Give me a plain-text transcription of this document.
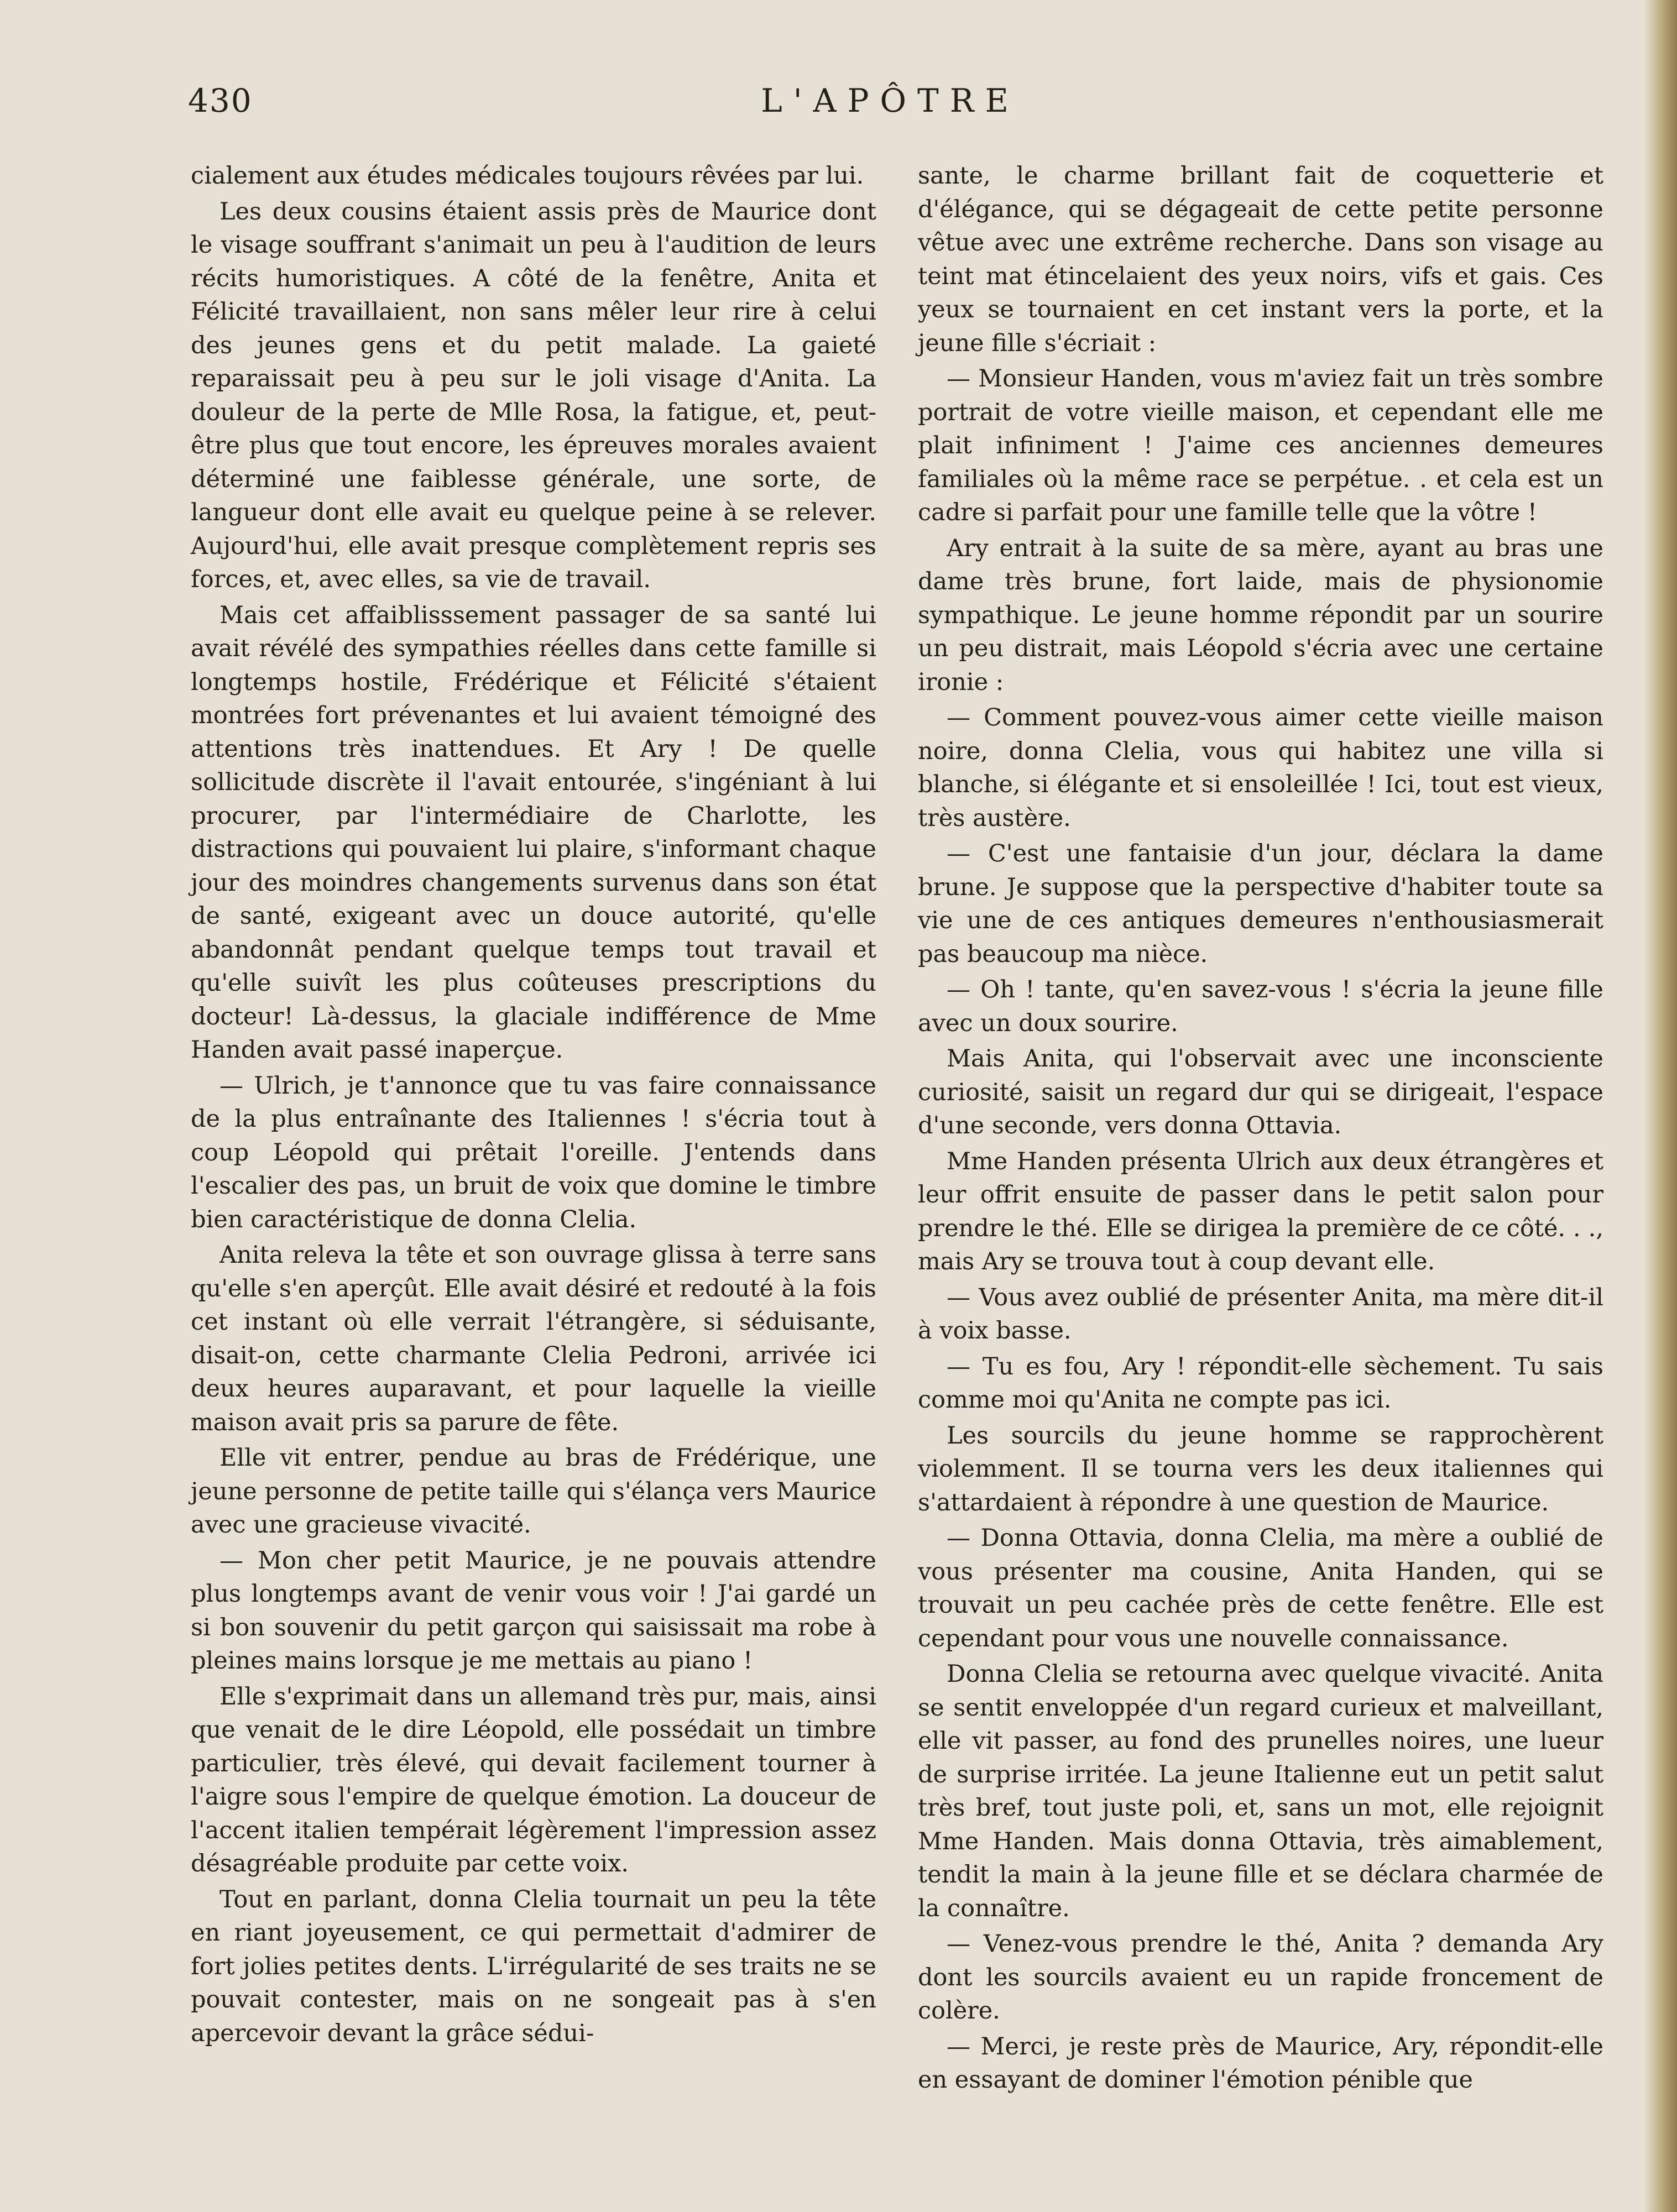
430	L'APÔTRE

cialement aux études médicales toujours rêvées par lui.

Les deux cousins étaient assis près de Maurice dont le visage souffrant s'animait un peu à l'audition de leurs récits humoristiques. A côté de la fenêtre, Anita et Félicité travaillaient, non sans mêler leur rire à celui des jeunes gens et du petit malade. La gaieté reparaissait peu à peu sur le joli visage d'Anita. La douleur de la perte de Mlle Rosa, la fatigue, et, peut-être plus que tout encore, les épreuves morales avaient déterminé une faiblesse générale, une sorte, de langueur dont elle avait eu quelque peine à se relever. Aujourd'hui, elle avait presque complètement repris ses forces, et, avec elles, sa vie de travail.

Mais cet affaiblisssement passager de sa santé lui avait révélé des sympathies réelles dans cette famille si longtemps hostile, Frédérique et Félicité s'étaient montrées fort prévenantes et lui avaient témoigné des attentions très inattendues. Et Ary ! De quelle sollicitude discrète il l'avait entourée, s'ingéniant à lui procurer, par l'intermédiaire de Charlotte, les distractions qui pouvaient lui plaire, s'informant chaque jour des moindres changements survenus dans son état de santé, exigeant avec un douce autorité, qu'elle abandonnât pendant quelque temps tout travail et qu'elle suivît les plus coûteuses prescriptions du docteur! Là-dessus, la glaciale indifférence de Mme Handen avait passé inaperçue.

— Ulrich, je t'annonce que tu vas faire connaissance de la plus entraînante des Italiennes ! s'écria tout à coup Léopold qui prêtait l'oreille. J'entends dans l'escalier des pas, un bruit de voix que domine le timbre bien caractéristique de donna Clelia.

Anita releva la tête et son ouvrage glissa à terre sans qu'elle s'en aperçût. Elle avait désiré et redouté à la fois cet instant où elle verrait l'étrangère, si séduisante, disait-on, cette charmante Clelia Pedroni, arrivée ici deux heures auparavant, et pour laquelle la vieille maison avait pris sa parure de fête.

Elle vit entrer, pendue au bras de Frédérique, une jeune personne de petite taille qui s'élança vers Maurice avec une gracieuse vivacité.

— Mon cher petit Maurice, je ne pouvais attendre plus longtemps avant de venir vous voir ! J'ai gardé un si bon souvenir du petit garçon qui saisissait ma robe à pleines mains lorsque je me mettais au piano !

Elle s'exprimait dans un allemand très pur, mais, ainsi que venait de le dire Léopold, elle possédait un timbre particulier, très élevé, qui devait facilement tourner à l'aigre sous l'empire de quelque émotion. La douceur de l'accent italien tempérait légèrement l'impression assez désagréable produite par cette voix.

Tout en parlant, donna Clelia tournait un peu la tête en riant joyeusement, ce qui permettait d'admirer de fort jolies petites dents. L'irrégularité de ses traits ne se pouvait contester, mais on ne songeait pas à s'en apercevoir devant la grâce sédui-

sante, le charme brillant fait de coquetterie et d'élégance, qui se dégageait de cette petite personne vêtue avec une extrême recherche. Dans son visage au teint mat étincelaient des yeux noirs, vifs et gais. Ces yeux se tournaient en cet instant vers la porte, et la jeune fille s'écriait :

— Monsieur Handen, vous m'aviez fait un très sombre portrait de votre vieille maison, et cependant elle me plait infiniment ! J'aime ces anciennes demeures familiales où la même race se perpétue. . et cela est un cadre si parfait pour une famille telle que la vôtre !

Ary entrait à la suite de sa mère, ayant au bras une dame très brune, fort laide, mais de physionomie sympathique. Le jeune homme répondit par un sourire un peu distrait, mais Léopold s'écria avec une certaine ironie :

— Comment pouvez-vous aimer cette vieille maison noire, donna Clelia, vous qui habitez une villa si blanche, si élégante et si ensoleillée ! Ici, tout est vieux, très austère.

— C'est une fantaisie d'un jour, déclara la dame brune. Je suppose que la perspective d'habiter toute sa vie une de ces antiques demeures n'enthousiasmerait pas beaucoup ma nièce.

— Oh ! tante, qu'en savez-vous ! s'écria la jeune fille avec un doux sourire.

Mais Anita, qui l'observait avec une inconsciente curiosité, saisit un regard dur qui se dirigeait, l'espace d'une seconde, vers donna Ottavia.

Mme Handen présenta Ulrich aux deux étrangères et leur offrit ensuite de passer dans le petit salon pour prendre le thé. Elle se dirigea la première de ce côté. . ., mais Ary se trouva tout à coup devant elle.

— Vous avez oublié de présenter Anita, ma mère dit-il à voix basse.

— Tu es fou, Ary ! répondit-elle sèchement. Tu sais comme moi qu'Anita ne compte pas ici.

Les sourcils du jeune homme se rapprochèrent violemment. Il se tourna vers les deux italiennes qui s'attardaient à répondre à une question de Maurice.

— Donna Ottavia, donna Clelia, ma mère a oublié de vous présenter ma cousine, Anita Handen, qui se trouvait un peu cachée près de cette fenêtre. Elle est cependant pour vous une nouvelle connaissance.

Donna Clelia se retourna avec quelque vivacité. Anita se sentit enveloppée d'un regard curieux et malveillant, elle vit passer, au fond des prunelles noires, une lueur de surprise irritée. La jeune Italienne eut un petit salut très bref, tout juste poli, et, sans un mot, elle rejoignit Mme Handen. Mais donna Ottavia, très aimablement, tendit la main à la jeune fille et se déclara charmée de la connaître.

— Venez-vous prendre le thé, Anita ? demanda Ary dont les sourcils avaient eu un rapide froncement de colère.

— Merci, je reste près de Maurice, Ary, répondit-elle en essayant de dominer l'émotion pénible que
